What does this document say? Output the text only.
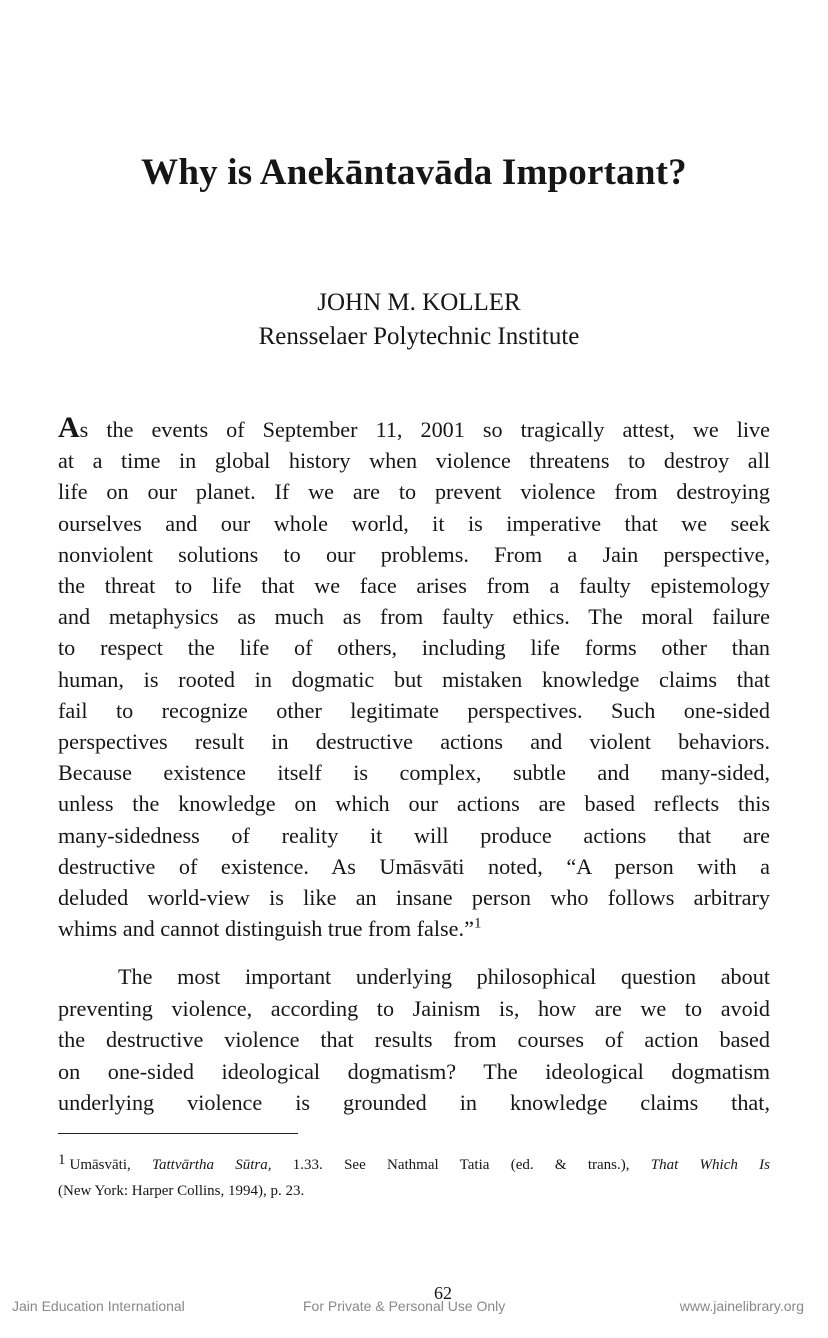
Why is Anekāntavāda Important?
JOHN M. KOLLER
Rensselaer Polytechnic Institute
As the events of September 11, 2001 so tragically attest, we live
at a time in global history when violence threatens to destroy all
life on our planet. If we are to prevent violence from destroying
ourselves and our whole world, it is imperative that we seek
nonviolent solutions to our problems. From a Jain perspective,
the threat to life that we face arises from a faulty epistemology
and metaphysics as much as from faulty ethics. The moral failure
to respect the life of others, including life forms other than
human, is rooted in dogmatic but mistaken knowledge claims that
fail to recognize other legitimate perspectives. Such one-sided
perspectives result in destructive actions and violent behaviors.
Because existence itself is complex, subtle and many-sided,
unless the knowledge on which our actions are based reflects this
many-sidedness of reality it will produce actions that are
destructive of existence. As Umāsvāti noted, “A person with a
deluded world-view is like an insane person who follows arbitrary
whims and cannot distinguish true from false.”$^1$
The most important underlying philosophical question about
preventing violence, according to Jainism is, how are we to avoid
the destructive violence that results from courses of action based
on one-sided ideological dogmatism? The ideological dogmatism
underlying violence is grounded in knowledge claims that,
1 Umāsvāti, Tattvārtha Sūtra, 1.33. See Nathmal Tatia (ed. & trans.), That Which Is
(New York: Harper Collins, 1994), p. 23.
62
Jain Education International	For Private & Personal Use Only	www.jainelibrary.org
